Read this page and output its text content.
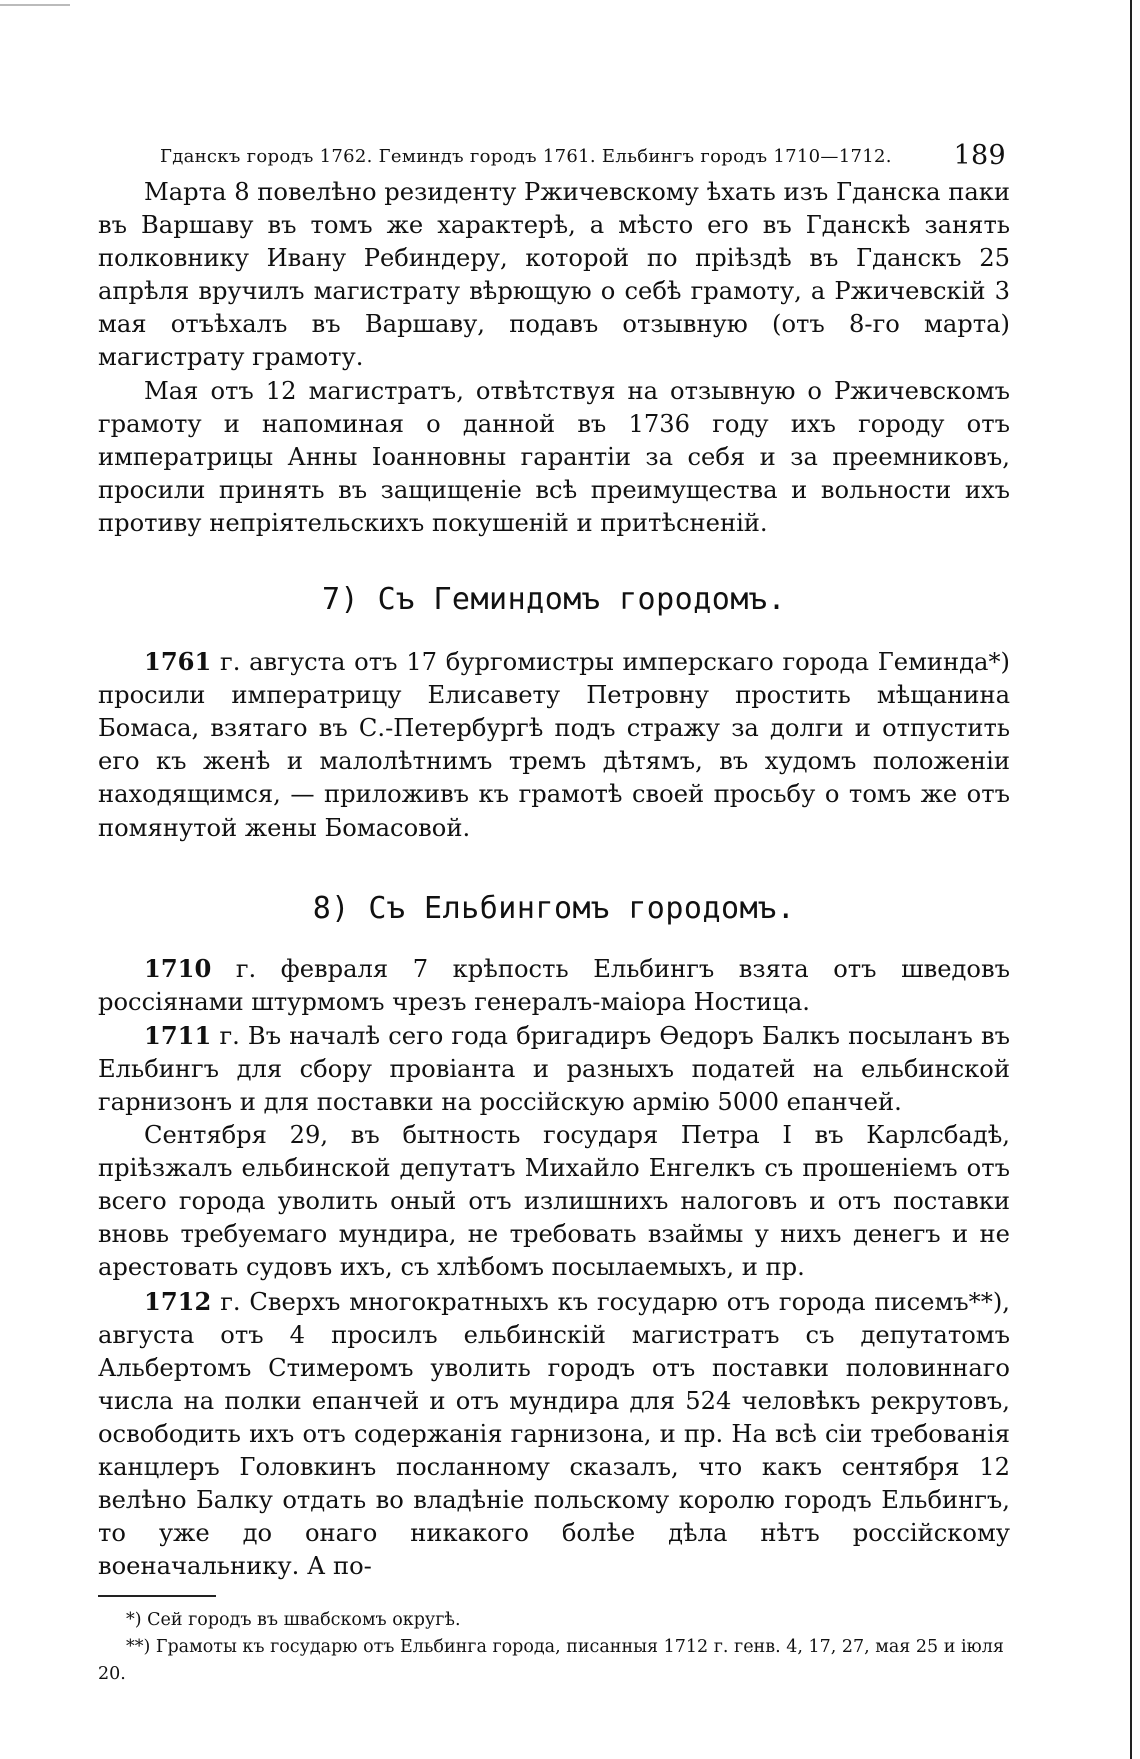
Гданскъ городъ 1762. Геминдъ городъ 1761. Ельбингъ городъ 1710—1712. 189

Марта 8 повелѣно резиденту Ржичевскому ѣхать изъ Гданска паки въ Варшаву въ томъ же характерѣ, а мѣсто его въ Гданскѣ занять полковнику Ивану Ребиндеру, которой по прiѣздѣ въ Гданскъ 25 апрѣля вручилъ магистрату вѣрющую о себѣ грамоту, а Ржичевскiй 3 мая отъѣхалъ въ Варшаву, подавъ отзывную (отъ 8-го марта) магистрату грамоту.

Мая отъ 12 магистратъ, отвѣтствуя на отзывную о Ржичевскомъ грамоту и напоминая о данной въ 1736 году ихъ городу отъ императрицы Анны Iоанновны гарантiи за себя и за преемниковъ, просили принять въ защищенiе всѣ преимущества и вольности ихъ противу непрiятельскихъ покушенiй и притѣсненiй.

7) Съ Геминдомъ городомъ.

1761 г. августа отъ 17 бургомистры имперскаго города Геминда*) просили императрицу Елисавету Петровну простить мѣщанина Бомаса, взятаго въ С.-Петербургѣ подъ стражу за долги и отпустить его къ женѣ и малолѣтнимъ тремъ дѣтямъ, въ худомъ положенiи находящимся, — приложивъ къ грамотѣ своей просьбу о томъ же отъ помянутой жены Бомасовой.

8) Съ Ельбингомъ городомъ.

1710 г. февраля 7 крѣпость Ельбингъ взята отъ шведовъ россiянами штурмомъ чрезъ генералъ-маiора Ностица.

1711 г. Въ началѣ сего года бригадиръ Ѳедоръ Балкъ посыланъ въ Ельбингъ для сбору провiанта и разныхъ податей на ельбинской гарнизонъ и для поставки на россiйскую армiю 5000 епанчей.

Сентября 29, въ бытность государя Петра I въ Карлсбадѣ, прiѣзжалъ ельбинской депутатъ Михайло Енгелкъ съ прошенiемъ отъ всего города уволить оный отъ излишнихъ налоговъ и отъ поставки вновь требуемаго мундира, не требовать взаймы у нихъ денегъ и не арестовать судовъ ихъ, съ хлѣбомъ посылаемыхъ, и пр.

1712 г. Сверхъ многократныхъ къ государю отъ города писемъ**), августа отъ 4 просилъ ельбинскiй магистратъ съ депутатомъ Альбертомъ Стимеромъ уволить городъ отъ поставки половиннаго числа на полки епанчей и отъ мундира для 524 человѣкъ рекрутовъ, освободить ихъ отъ содержанiя гарнизона, и пр. На всѣ сiи требованiя канцлеръ Головкинъ посланному сказалъ, что какъ сентября 12 велѣно Балку отдать во владѣнiе польскому королю городъ Ельбингъ, то уже до онаго никакого болѣе дѣла нѣтъ россiйскому военачальнику. А по-

*) Сей городъ въ швабскомъ округѣ.

**) Грамоты къ государю отъ Ельбинга города, писанныя 1712 г. генв. 4, 17, 27, мая 25 и iюля 20.
